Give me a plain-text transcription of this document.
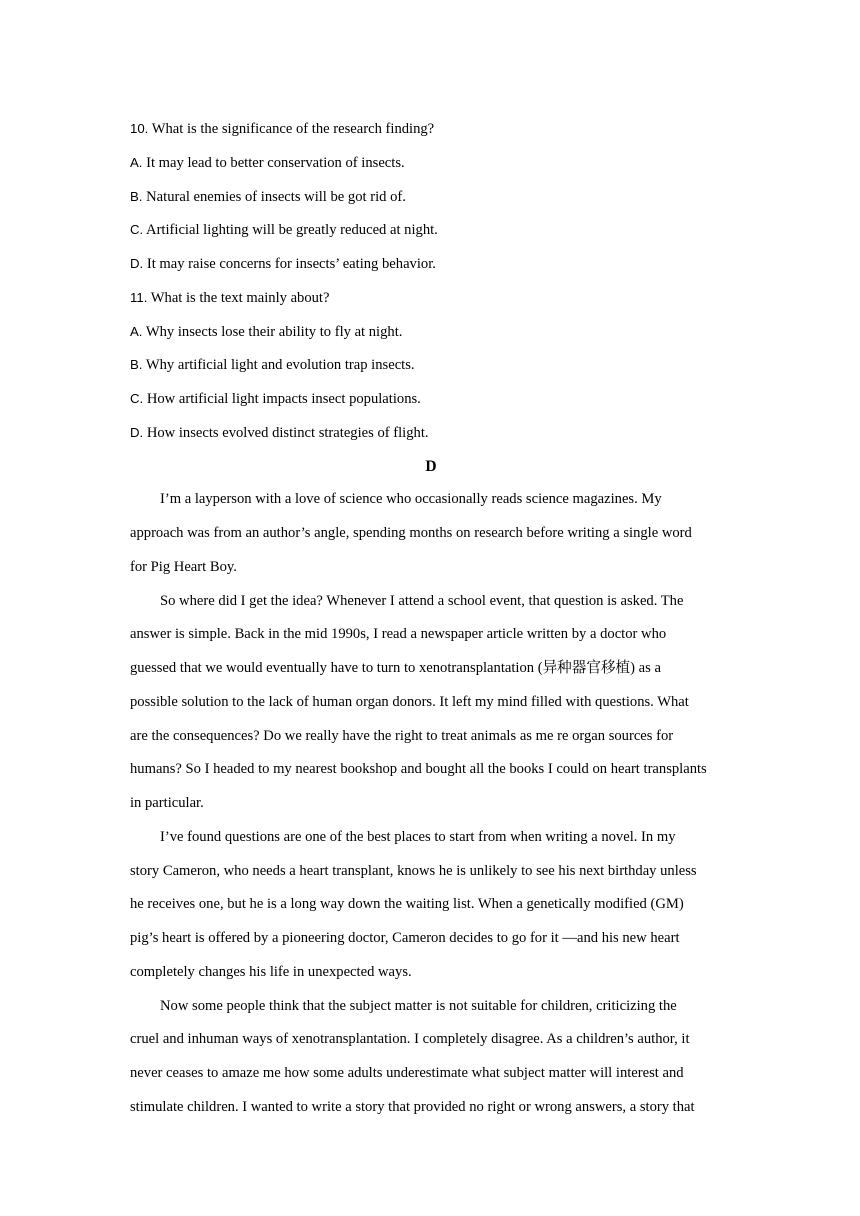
10. What is the significance of the research finding?
A. It may lead to better conservation of insects.
B. Natural enemies of insects will be got rid of.
C. Artificial lighting will be greatly reduced at night.
D. It may raise concerns for insects’ eating behavior.
11. What is the text mainly about?
A. Why insects lose their ability to fly at night.
B. Why artificial light and evolution trap insects.
C. How artificial light impacts insect populations.
D. How insects evolved distinct strategies of flight.
D
I’m a layperson with a love of science who occasionally reads science magazines. My
approach was from an author’s angle, spending months on research before writing a single word
for Pig Heart Boy.
So where did I get the idea? Whenever I attend a school event, that question is asked. The
answer is simple. Back in the mid 1990s, I read a newspaper article written by a doctor who
guessed that we would eventually have to turn to xenotransplantation (异种器官移植) as a
possible solution to the lack of human organ donors. It left my mind filled with questions. What
are the consequences? Do we really have the right to treat animals as me re organ sources for
humans? So I headed to my nearest bookshop and bought all the books I could on heart transplants
in particular.
I’ve found questions are one of the best places to start from when writing a novel. In my
story Cameron, who needs a heart transplant, knows he is unlikely to see his next birthday unless
he receives one, but he is a long way down the waiting list. When a genetically modified (GM)
pig’s heart is offered by a pioneering doctor, Cameron decides to go for it —and his new heart
completely changes his life in unexpected ways.
Now some people think that the subject matter is not suitable for children, criticizing the
cruel and inhuman ways of xenotransplantation. I completely disagree. As a children’s author, it
never ceases to amaze me how some adults underestimate what subject matter will interest and
stimulate children. I wanted to write a story that provided no right or wrong answers, a story that
